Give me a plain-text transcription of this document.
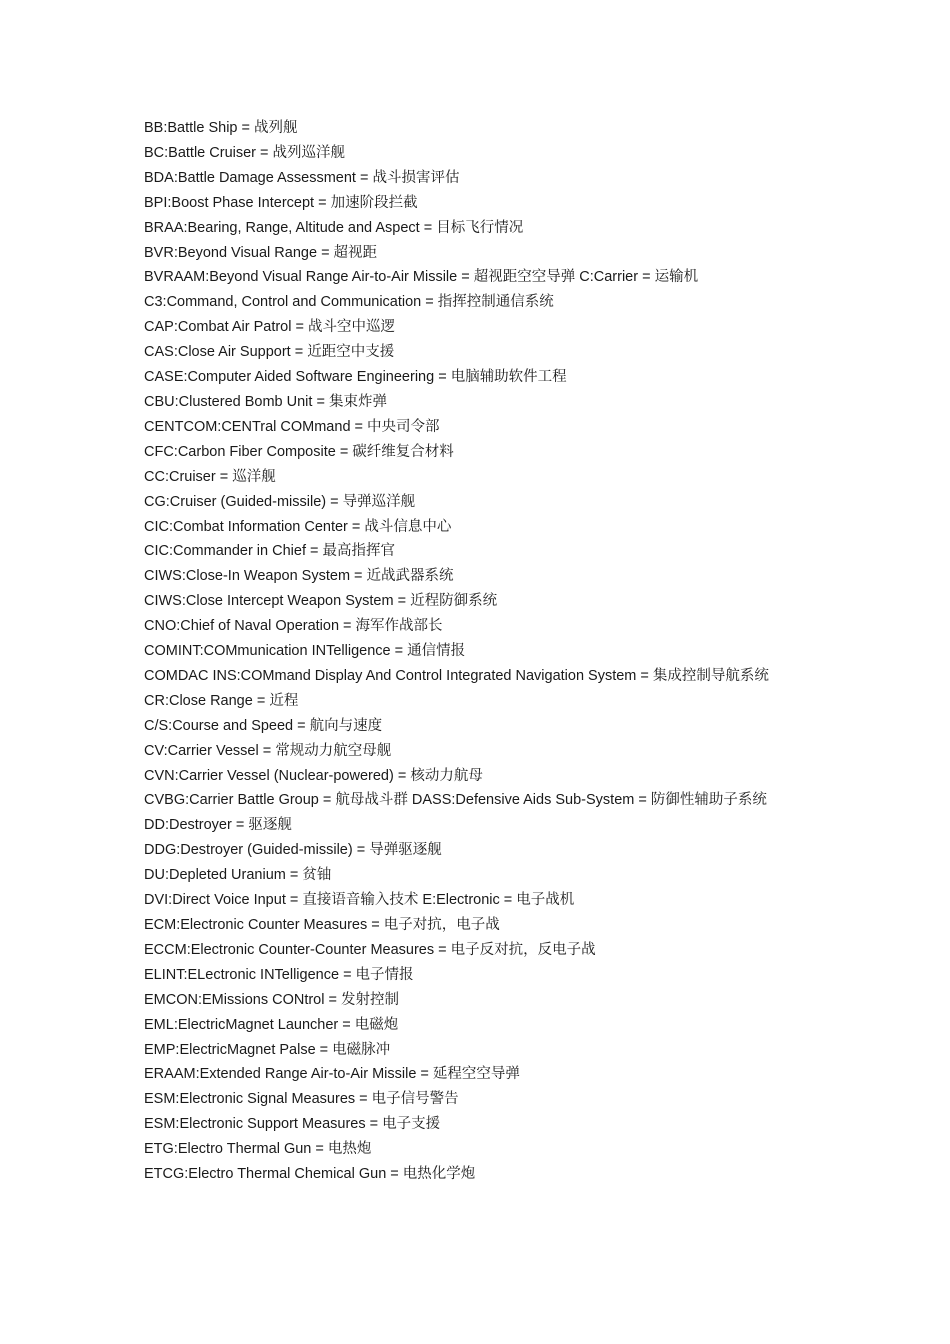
BB:Battle Ship = 战列舰

BC:Battle Cruiser = 战列巡洋舰

BDA:Battle Damage Assessment = 战斗损害评估

BPI:Boost Phase Intercept = 加速阶段拦截

BRAA:Bearing, Range, Altitude and Aspect = 目标飞行情况

BVR:Beyond Visual Range = 超视距

BVRAAM:Beyond Visual Range Air-to-Air Missile = 超视距空空导弹 C:Carrier = 运输机

C3:Command, Control and Communication = 指挥控制通信系统

CAP:Combat Air Patrol = 战斗空中巡逻

CAS:Close Air Support = 近距空中支援

CASE:Computer Aided Software Engineering = 电脑辅助软件工程

CBU:Clustered Bomb Unit = 集束炸弹

CENTCOM:CENTral COMmand = 中央司令部

CFC:Carbon Fiber Composite = 碳纤维复合材料

CC:Cruiser = 巡洋舰

CG:Cruiser (Guided-missile) = 导弹巡洋舰

CIC:Combat Information Center = 战斗信息中心

CIC:Commander in Chief = 最高指挥官

CIWS:Close-In Weapon System = 近战武器系统

CIWS:Close Intercept Weapon System = 近程防御系统

CNO:Chief of Naval Operation = 海军作战部长

COMINT:COMmunication INTelligence = 通信情报

COMDAC INS:COMmand Display And Control Integrated Navigation System = 集成控制导航系统

CR:Close Range = 近程

C/S:Course and Speed = 航向与速度

CV:Carrier Vessel = 常规动力航空母舰

CVN:Carrier Vessel (Nuclear-powered) = 核动力航母

CVBG:Carrier Battle Group = 航母战斗群 DASS:Defensive Aids Sub-System = 防御性辅助子系统

DD:Destroyer = 驱逐舰

DDG:Destroyer (Guided-missile) = 导弹驱逐舰

DU:Depleted Uranium = 贫铀

DVI:Direct Voice Input = 直接语音输入技术 E:Electronic = 电子战机

ECM:Electronic Counter Measures = 电子对抗，电子战

ECCM:Electronic Counter-Counter Measures = 电子反对抗，反电子战

ELINT:ELectronic INTelligence = 电子情报

EMCON:EMissions CONtrol = 发射控制

EML:ElectricMagnet Launcher = 电磁炮

EMP:ElectricMagnet Palse = 电磁脉冲

ERAAM:Extended Range Air-to-Air Missile = 延程空空导弹

ESM:Electronic Signal Measures = 电子信号警告

ESM:Electronic Support Measures = 电子支援

ETG:Electro Thermal Gun = 电热炮

ETCG:Electro Thermal Chemical Gun = 电热化学炮
